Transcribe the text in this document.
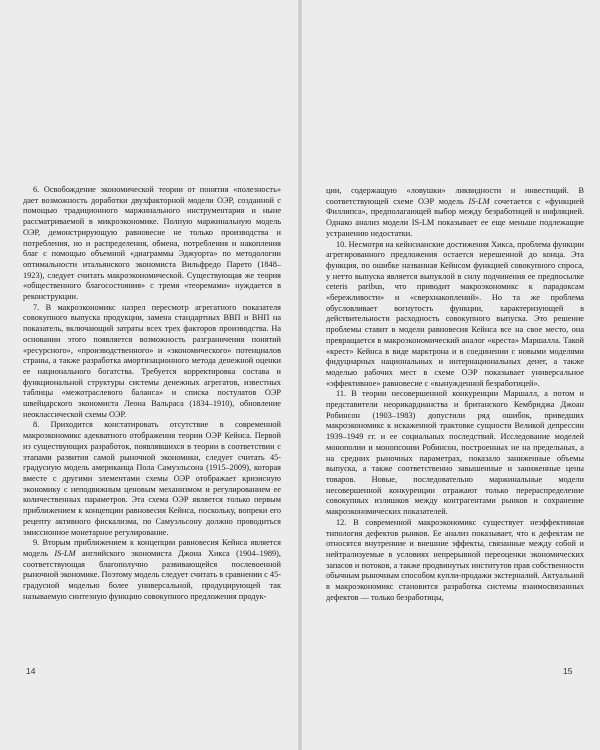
6. Освобождение экономической теории от понятия «полезность» дает возможность доработки двухфакторной модели ОЭР, созданной с помощью традиционного маржинального инструментария и ныне рассматриваемой в микроэкономике. Полную маржинальную модель ОЭР, демонстрирующую равновесие не только производства и потребления, но и распределения, обмена, потребления и накопления благ с помощью объемной «диаграммы Эджуорта» по методологии оптимальности итальянского экономиста Вильфредо Парето (1848–1923), следует считать макроэкономической. Существующая же теория «общественного благосостояния» с тремя «теоремами» нуждается в реконструкции.

7. В макроэкономикс назрел пересмотр агрегатного показателя совокупного выпуска продукции, замена стандартных ВВП и ВНП на показатель, включающий затраты всех трех факторов производства. На основании этого появляется возможность разграничения понятий «ресурсного», «производственного» и «экономического» потенциалов страны, а также разработка амортизационного метода денежной оценки ее национального богатства. Требуется корректировка состава и функциональной структуры системы денежных агрегатов, известных таблицы «межотраслевого баланса» и списка постулатов ОЭР швейцарского экономиста Леона Вальраса (1834–1910), обновление неоклассической схемы ОЭР.

8. Приходится констатировать отсутствие в современной макроэкономикс адекватного отображения теории ОЭР Кейнса. Первой из существующих разработок, появлявшихся в теории в соответствии с этапами развития самой рыночной экономики, следует считать 45-градусную модель американца Пола Самуэльсона (1915–2009), которая вместе с другими элементами схемы ОЭР отображает кризисную экономику с неподвижным ценовым механизмом и регулированием ее количественных параметров. Эта схема ОЭР является только первым приближением к концепции равновесия Кейнса, поскольку, вопреки его рецепту активного фискализма, по Самуэльсону должно проводиться эмиссионное монетарное регулирование.

9. Вторым приближением к концепции равновесия Кейнса является модель IS-LM английского экономиста Джона Хикса (1904–1989), соответствующая благополучно развивающейся послевоенной рыночной экономике. Поэтому модель следует считать в сравнении с 45-градусной моделью более универсальной, продуцирующей так называемую синтезную функцию совокупного предложения продук-

14

ции, содержащую «ловушки» ликвидности и инвестиций. В соответствующей схеме ОЭР модель IS-LM сочетается с «функцией Филлипса», предполагающей выбор между безработицей и инфляцией. Однако анализ модели IS-LM показывает ее еще меньше подлежащие устранению недостатки.

10. Несмотря на кейнсианские достижения Хикса, проблема функции агрегированного предложения остается нерешенной до конца. Эта функция, по ошибке названная Кейнсом функцией совокупного спроса, у нетто выпуска является выпуклой в силу подчинения ее предпосылке ceteris paribus, что приводит макроэкономикс к парадоксам «бережливости» и «сверхнакоплений». Но та же проблема обусловливает вогнутость функции, характеризующей в действительности расходность совокупного выпуска. Это решение проблемы ставит в модели равновесия Кейнса все на свое место, она превращается в макроэкономический аналог «креста» Маршалла. Такой «крест» Кейнса в виде марктрона и в соединении с новыми моделями фидуциарных национальных и интернациональных денег, а также моделью рабочих мест в схеме ОЭР показывает универсальное «эффективное» равновесие с «вынужденной безработицей».

11. В теории несовершенной конкуренции Маршалл, а потом и представители неорикардианства и британского Кембриджа Джоан Робинсон (1903–1983) допустили ряд ошибок, приведших макроэкономикс к искаженной трактовке сущности Великой депрессии 1939–1949 гг. и ее социальных последствий. Исследование моделей монополии и монопсонии Робинсон, построенных не на предельных, а на средних рыночных параметрах, показало заниженные объемы выпуска, а также соответственно завышенные и заниженные цены товаров. Новые, последовательно маржинальные модели несовершенной конкуренции отражают только перераспределение совокупных излишков между контрагентами рынков и сохранение макроэкономических показателей.

12. В современной макроэкономикс существует неэффективная типология дефектов рынков. Ее анализ показывает, что к дефектам не относятся внутренние и внешние эффекты, связанные между собой и нейтрализуемые в условиях непрерывной переоценки экономических запасов и потоков, а также продвинутых институтов прав собственности обычным рыночным способом купли-продажи экстерналий. Актуальной в макроэкономикс становится разработка системы взаимосвязанных дефектов — только безработицы,

15
